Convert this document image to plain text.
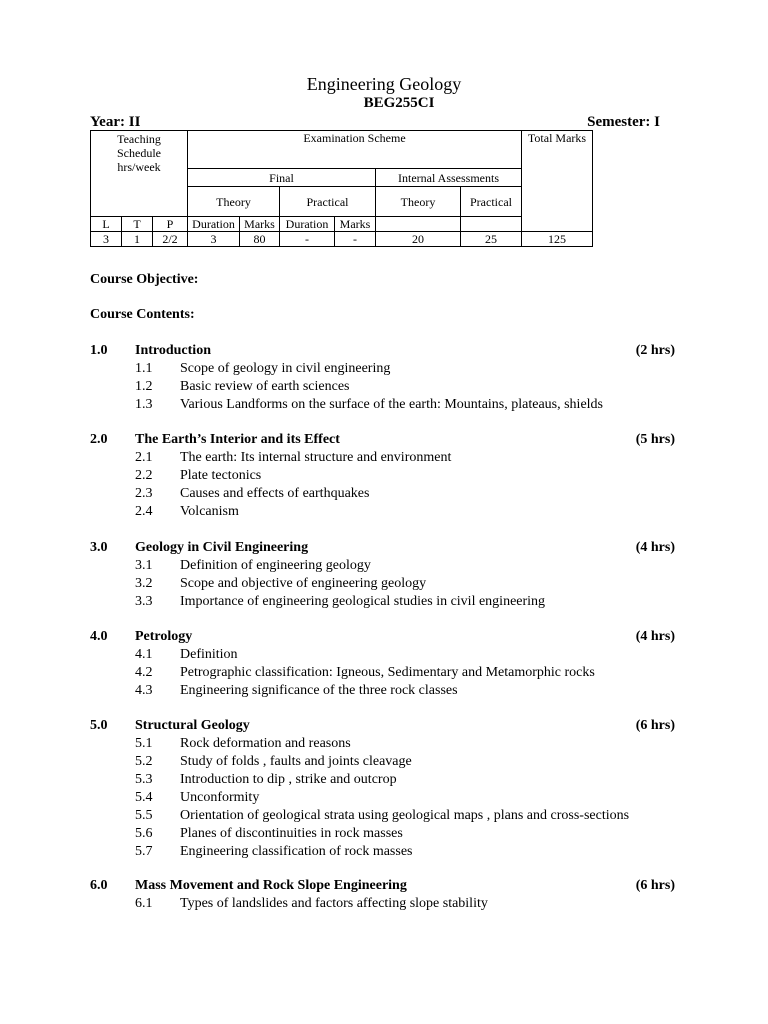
Engineering Geology
BEG255CI
Year: II	Semester: I
Teaching Schedule hrs/week			Examination Scheme						Total Marks
			Final				Internal Assessments		
			Theory		Practical		Theory	Practical	
L	T	P	Duration	Marks	Duration	Marks			
3	1	2/2	3	80	-	-	20	25	125
Course Objective:
Course Contents:
1.0	Introduction	(2 hrs)
1.1	Scope of geology in civil engineering
1.2	Basic review of earth sciences
1.3	Various Landforms on the surface of the earth: Mountains, plateaus, shields
2.0	The Earth’s Interior and its Effect	(5 hrs)
2.1	The earth: Its internal structure and environment
2.2	Plate tectonics
2.3	Causes and effects of earthquakes
2.4	Volcanism
3.0	Geology in Civil Engineering	(4 hrs)
3.1	Definition of engineering geology
3.2	Scope and objective of engineering geology
3.3	Importance of engineering geological studies in civil engineering
4.0	Petrology	(4 hrs)
4.1	Definition
4.2	Petrographic classification: Igneous, Sedimentary and Metamorphic rocks
4.3	Engineering significance of the three rock classes
5.0	Structural Geology	(6 hrs)
5.1	Rock deformation and reasons
5.2	Study of folds , faults and joints cleavage
5.3	Introduction to dip , strike and outcrop
5.4	Unconformity
5.5	Orientation of geological strata using geological maps , plans and cross-sections
5.6	Planes of discontinuities in rock masses
5.7	Engineering classification of rock masses
6.0	Mass Movement and Rock Slope Engineering	(6 hrs)
6.1	Types of landslides and factors affecting slope stability
